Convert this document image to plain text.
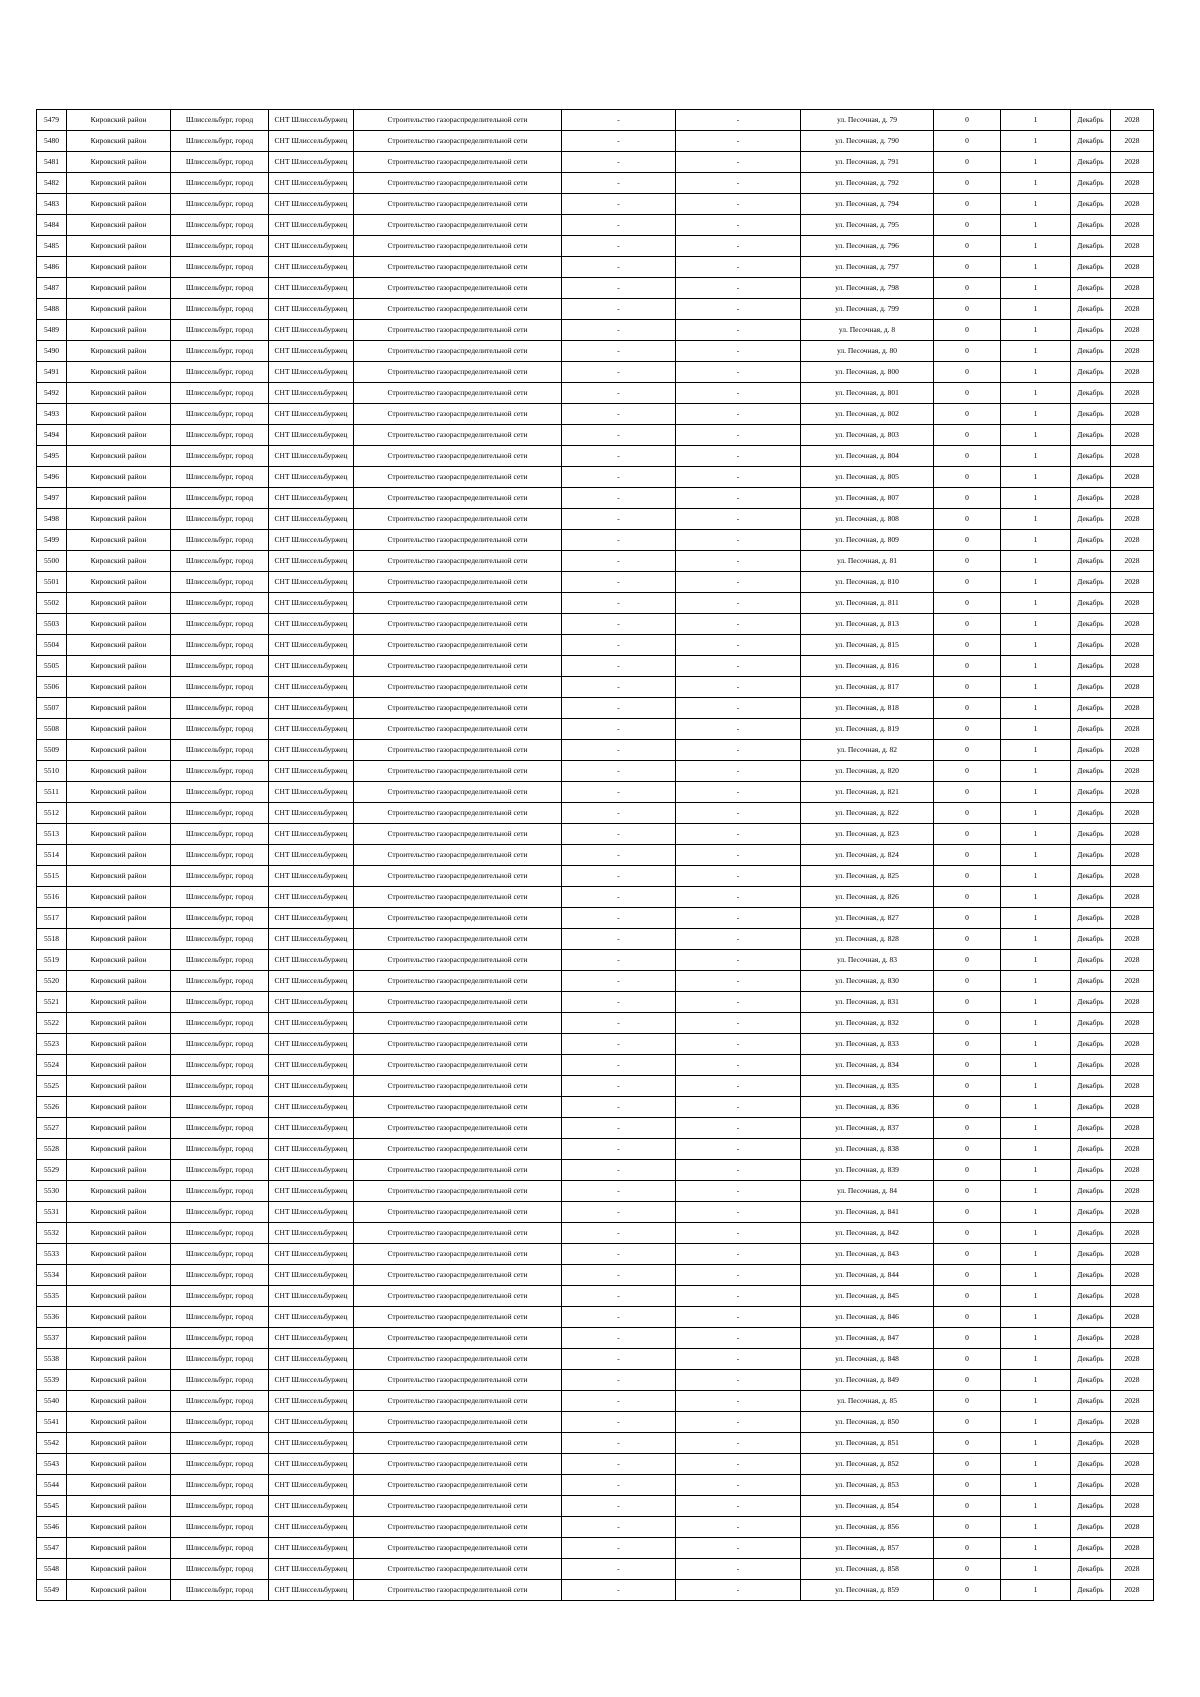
5479	Кировский район	Шлиссельбург, город	СНТ Шлиссельбуржец	Строительство газораспределительной сети	-	-	ул. Песочная, д. 79	0	1	Декабрь	2028
5480	Кировский район	Шлиссельбург, город	СНТ Шлиссельбуржец	Строительство газораспределительной сети	-	-	ул. Песочная, д. 790	0	1	Декабрь	2028
5481	Кировский район	Шлиссельбург, город	СНТ Шлиссельбуржец	Строительство газораспределительной сети	-	-	ул. Песочная, д. 791	0	1	Декабрь	2028
5482	Кировский район	Шлиссельбург, город	СНТ Шлиссельбуржец	Строительство газораспределительной сети	-	-	ул. Песочная, д. 792	0	1	Декабрь	2028
5483	Кировский район	Шлиссельбург, город	СНТ Шлиссельбуржец	Строительство газораспределительной сети	-	-	ул. Песочная, д. 794	0	1	Декабрь	2028
5484	Кировский район	Шлиссельбург, город	СНТ Шлиссельбуржец	Строительство газораспределительной сети	-	-	ул. Песочная, д. 795	0	1	Декабрь	2028
5485	Кировский район	Шлиссельбург, город	СНТ Шлиссельбуржец	Строительство газораспределительной сети	-	-	ул. Песочная, д. 796	0	1	Декабрь	2028
5486	Кировский район	Шлиссельбург, город	СНТ Шлиссельбуржец	Строительство газораспределительной сети	-	-	ул. Песочная, д. 797	0	1	Декабрь	2028
5487	Кировский район	Шлиссельбург, город	СНТ Шлиссельбуржец	Строительство газораспределительной сети	-	-	ул. Песочная, д. 798	0	1	Декабрь	2028
5488	Кировский район	Шлиссельбург, город	СНТ Шлиссельбуржец	Строительство газораспределительной сети	-	-	ул. Песочная, д. 799	0	1	Декабрь	2028
5489	Кировский район	Шлиссельбург, город	СНТ Шлиссельбуржец	Строительство газораспределительной сети	-	-	ул. Песочная, д. 8	0	1	Декабрь	2028
5490	Кировский район	Шлиссельбург, город	СНТ Шлиссельбуржец	Строительство газораспределительной сети	-	-	ул. Песочная, д. 80	0	1	Декабрь	2028
5491	Кировский район	Шлиссельбург, город	СНТ Шлиссельбуржец	Строительство газораспределительной сети	-	-	ул. Песочная, д. 800	0	1	Декабрь	2028
5492	Кировский район	Шлиссельбург, город	СНТ Шлиссельбуржец	Строительство газораспределительной сети	-	-	ул. Песочная, д. 801	0	1	Декабрь	2028
5493	Кировский район	Шлиссельбург, город	СНТ Шлиссельбуржец	Строительство газораспределительной сети	-	-	ул. Песочная, д. 802	0	1	Декабрь	2028
5494	Кировский район	Шлиссельбург, город	СНТ Шлиссельбуржец	Строительство газораспределительной сети	-	-	ул. Песочная, д. 803	0	1	Декабрь	2028
5495	Кировский район	Шлиссельбург, город	СНТ Шлиссельбуржец	Строительство газораспределительной сети	-	-	ул. Песочная, д. 804	0	1	Декабрь	2028
5496	Кировский район	Шлиссельбург, город	СНТ Шлиссельбуржец	Строительство газораспределительной сети	-	-	ул. Песочная, д. 805	0	1	Декабрь	2028
5497	Кировский район	Шлиссельбург, город	СНТ Шлиссельбуржец	Строительство газораспределительной сети	-	-	ул. Песочная, д. 807	0	1	Декабрь	2028
5498	Кировский район	Шлиссельбург, город	СНТ Шлиссельбуржец	Строительство газораспределительной сети	-	-	ул. Песочная, д. 808	0	1	Декабрь	2028
5499	Кировский район	Шлиссельбург, город	СНТ Шлиссельбуржец	Строительство газораспределительной сети	-	-	ул. Песочная, д. 809	0	1	Декабрь	2028
5500	Кировский район	Шлиссельбург, город	СНТ Шлиссельбуржец	Строительство газораспределительной сети	-	-	ул. Песочная, д. 81	0	1	Декабрь	2028
5501	Кировский район	Шлиссельбург, город	СНТ Шлиссельбуржец	Строительство газораспределительной сети	-	-	ул. Песочная, д. 810	0	1	Декабрь	2028
5502	Кировский район	Шлиссельбург, город	СНТ Шлиссельбуржец	Строительство газораспределительной сети	-	-	ул. Песочная, д. 811	0	1	Декабрь	2028
5503	Кировский район	Шлиссельбург, город	СНТ Шлиссельбуржец	Строительство газораспределительной сети	-	-	ул. Песочная, д. 813	0	1	Декабрь	2028
5504	Кировский район	Шлиссельбург, город	СНТ Шлиссельбуржец	Строительство газораспределительной сети	-	-	ул. Песочная, д. 815	0	1	Декабрь	2028
5505	Кировский район	Шлиссельбург, город	СНТ Шлиссельбуржец	Строительство газораспределительной сети	-	-	ул. Песочная, д. 816	0	1	Декабрь	2028
5506	Кировский район	Шлиссельбург, город	СНТ Шлиссельбуржец	Строительство газораспределительной сети	-	-	ул. Песочная, д. 817	0	1	Декабрь	2028
5507	Кировский район	Шлиссельбург, город	СНТ Шлиссельбуржец	Строительство газораспределительной сети	-	-	ул. Песочная, д. 818	0	1	Декабрь	2028
5508	Кировский район	Шлиссельбург, город	СНТ Шлиссельбуржец	Строительство газораспределительной сети	-	-	ул. Песочная, д. 819	0	1	Декабрь	2028
5509	Кировский район	Шлиссельбург, город	СНТ Шлиссельбуржец	Строительство газораспределительной сети	-	-	ул. Песочная, д. 82	0	1	Декабрь	2028
5510	Кировский район	Шлиссельбург, город	СНТ Шлиссельбуржец	Строительство газораспределительной сети	-	-	ул. Песочная, д. 820	0	1	Декабрь	2028
5511	Кировский район	Шлиссельбург, город	СНТ Шлиссельбуржец	Строительство газораспределительной сети	-	-	ул. Песочная, д. 821	0	1	Декабрь	2028
5512	Кировский район	Шлиссельбург, город	СНТ Шлиссельбуржец	Строительство газораспределительной сети	-	-	ул. Песочная, д. 822	0	1	Декабрь	2028
5513	Кировский район	Шлиссельбург, город	СНТ Шлиссельбуржец	Строительство газораспределительной сети	-	-	ул. Песочная, д. 823	0	1	Декабрь	2028
5514	Кировский район	Шлиссельбург, город	СНТ Шлиссельбуржец	Строительство газораспределительной сети	-	-	ул. Песочная, д. 824	0	1	Декабрь	2028
5515	Кировский район	Шлиссельбург, город	СНТ Шлиссельбуржец	Строительство газораспределительной сети	-	-	ул. Песочная, д. 825	0	1	Декабрь	2028
5516	Кировский район	Шлиссельбург, город	СНТ Шлиссельбуржец	Строительство газораспределительной сети	-	-	ул. Песочная, д. 826	0	1	Декабрь	2028
5517	Кировский район	Шлиссельбург, город	СНТ Шлиссельбуржец	Строительство газораспределительной сети	-	-	ул. Песочная, д. 827	0	1	Декабрь	2028
5518	Кировский район	Шлиссельбург, город	СНТ Шлиссельбуржец	Строительство газораспределительной сети	-	-	ул. Песочная, д. 828	0	1	Декабрь	2028
5519	Кировский район	Шлиссельбург, город	СНТ Шлиссельбуржец	Строительство газораспределительной сети	-	-	ул. Песочная, д. 83	0	1	Декабрь	2028
5520	Кировский район	Шлиссельбург, город	СНТ Шлиссельбуржец	Строительство газораспределительной сети	-	-	ул. Песочная, д. 830	0	1	Декабрь	2028
5521	Кировский район	Шлиссельбург, город	СНТ Шлиссельбуржец	Строительство газораспределительной сети	-	-	ул. Песочная, д. 831	0	1	Декабрь	2028
5522	Кировский район	Шлиссельбург, город	СНТ Шлиссельбуржец	Строительство газораспределительной сети	-	-	ул. Песочная, д. 832	0	1	Декабрь	2028
5523	Кировский район	Шлиссельбург, город	СНТ Шлиссельбуржец	Строительство газораспределительной сети	-	-	ул. Песочная, д. 833	0	1	Декабрь	2028
5524	Кировский район	Шлиссельбург, город	СНТ Шлиссельбуржец	Строительство газораспределительной сети	-	-	ул. Песочная, д. 834	0	1	Декабрь	2028
5525	Кировский район	Шлиссельбург, город	СНТ Шлиссельбуржец	Строительство газораспределительной сети	-	-	ул. Песочная, д. 835	0	1	Декабрь	2028
5526	Кировский район	Шлиссельбург, город	СНТ Шлиссельбуржец	Строительство газораспределительной сети	-	-	ул. Песочная, д. 836	0	1	Декабрь	2028
5527	Кировский район	Шлиссельбург, город	СНТ Шлиссельбуржец	Строительство газораспределительной сети	-	-	ул. Песочная, д. 837	0	1	Декабрь	2028
5528	Кировский район	Шлиссельбург, город	СНТ Шлиссельбуржец	Строительство газораспределительной сети	-	-	ул. Песочная, д. 838	0	1	Декабрь	2028
5529	Кировский район	Шлиссельбург, город	СНТ Шлиссельбуржец	Строительство газораспределительной сети	-	-	ул. Песочная, д. 839	0	1	Декабрь	2028
5530	Кировский район	Шлиссельбург, город	СНТ Шлиссельбуржец	Строительство газораспределительной сети	-	-	ул. Песочная, д. 84	0	1	Декабрь	2028
5531	Кировский район	Шлиссельбург, город	СНТ Шлиссельбуржец	Строительство газораспределительной сети	-	-	ул. Песочная, д. 841	0	1	Декабрь	2028
5532	Кировский район	Шлиссельбург, город	СНТ Шлиссельбуржец	Строительство газораспределительной сети	-	-	ул. Песочная, д. 842	0	1	Декабрь	2028
5533	Кировский район	Шлиссельбург, город	СНТ Шлиссельбуржец	Строительство газораспределительной сети	-	-	ул. Песочная, д. 843	0	1	Декабрь	2028
5534	Кировский район	Шлиссельбург, город	СНТ Шлиссельбуржец	Строительство газораспределительной сети	-	-	ул. Песочная, д. 844	0	1	Декабрь	2028
5535	Кировский район	Шлиссельбург, город	СНТ Шлиссельбуржец	Строительство газораспределительной сети	-	-	ул. Песочная, д. 845	0	1	Декабрь	2028
5536	Кировский район	Шлиссельбург, город	СНТ Шлиссельбуржец	Строительство газораспределительной сети	-	-	ул. Песочная, д. 846	0	1	Декабрь	2028
5537	Кировский район	Шлиссельбург, город	СНТ Шлиссельбуржец	Строительство газораспределительной сети	-	-	ул. Песочная, д. 847	0	1	Декабрь	2028
5538	Кировский район	Шлиссельбург, город	СНТ Шлиссельбуржец	Строительство газораспределительной сети	-	-	ул. Песочная, д. 848	0	1	Декабрь	2028
5539	Кировский район	Шлиссельбург, город	СНТ Шлиссельбуржец	Строительство газораспределительной сети	-	-	ул. Песочная, д. 849	0	1	Декабрь	2028
5540	Кировский район	Шлиссельбург, город	СНТ Шлиссельбуржец	Строительство газораспределительной сети	-	-	ул. Песочная, д. 85	0	1	Декабрь	2028
5541	Кировский район	Шлиссельбург, город	СНТ Шлиссельбуржец	Строительство газораспределительной сети	-	-	ул. Песочная, д. 850	0	1	Декабрь	2028
5542	Кировский район	Шлиссельбург, город	СНТ Шлиссельбуржец	Строительство газораспределительной сети	-	-	ул. Песочная, д. 851	0	1	Декабрь	2028
5543	Кировский район	Шлиссельбург, город	СНТ Шлиссельбуржец	Строительство газораспределительной сети	-	-	ул. Песочная, д. 852	0	1	Декабрь	2028
5544	Кировский район	Шлиссельбург, город	СНТ Шлиссельбуржец	Строительство газораспределительной сети	-	-	ул. Песочная, д. 853	0	1	Декабрь	2028
5545	Кировский район	Шлиссельбург, город	СНТ Шлиссельбуржец	Строительство газораспределительной сети	-	-	ул. Песочная, д. 854	0	1	Декабрь	2028
5546	Кировский район	Шлиссельбург, город	СНТ Шлиссельбуржец	Строительство газораспределительной сети	-	-	ул. Песочная, д. 856	0	1	Декабрь	2028
5547	Кировский район	Шлиссельбург, город	СНТ Шлиссельбуржец	Строительство газораспределительной сети	-	-	ул. Песочная, д. 857	0	1	Декабрь	2028
5548	Кировский район	Шлиссельбург, город	СНТ Шлиссельбуржец	Строительство газораспределительной сети	-	-	ул. Песочная, д. 858	0	1	Декабрь	2028
5549	Кировский район	Шлиссельбург, город	СНТ Шлиссельбуржец	Строительство газораспределительной сети	-	-	ул. Песочная, д. 859	0	1	Декабрь	2028
